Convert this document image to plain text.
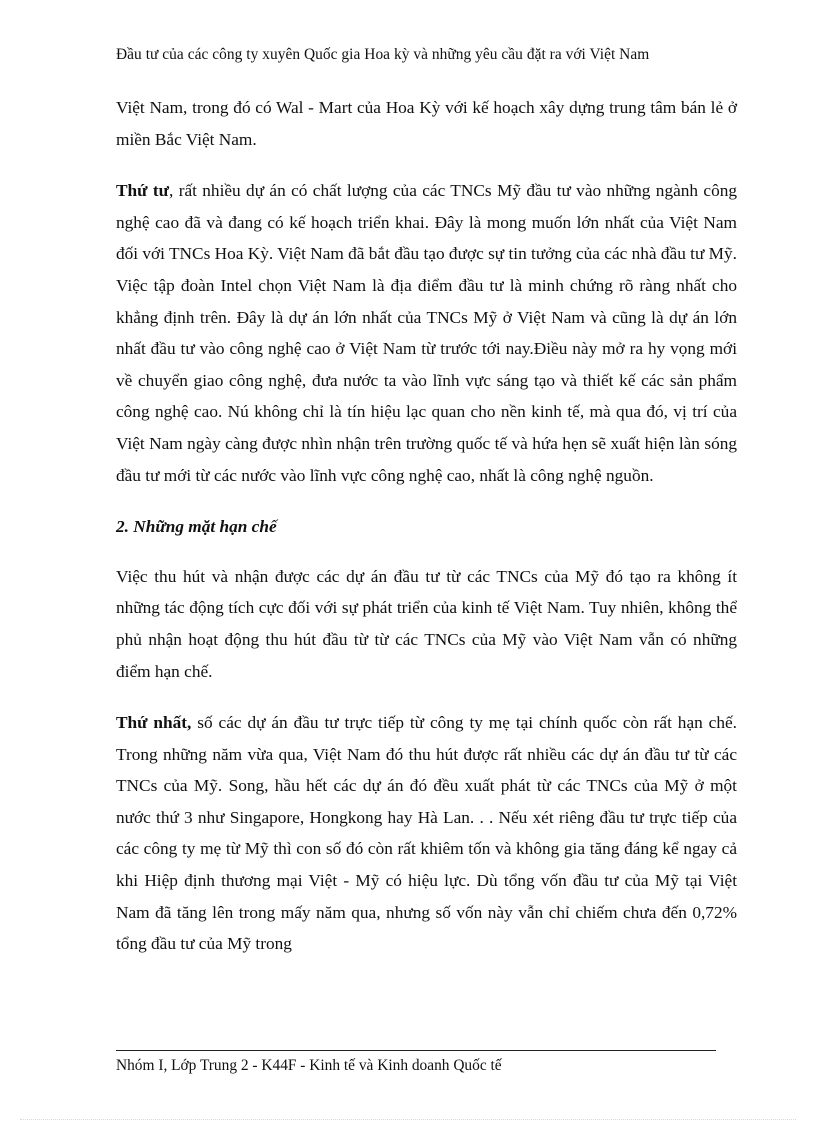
Đầu tư của các công ty xuyên Quốc gia Hoa kỳ và những yêu cầu đặt ra với Việt Nam

Việt Nam, trong đó có Wal - Mart của Hoa Kỳ với kế hoạch xây dựng trung tâm bán lẻ ở miền Bắc Việt Nam.

Thứ tư, rất nhiều dự án có chất lượng của các TNCs Mỹ đầu tư vào những ngành công nghệ cao đã và đang có kế hoạch triển khai. Đây là mong muốn lớn nhất của Việt Nam đối với TNCs Hoa Kỳ. Việt Nam đã bắt đầu tạo được sự tin tưởng của các nhà đầu tư Mỹ. Việc tập đoàn Intel chọn Việt Nam là địa điểm đầu tư là minh chứng rõ ràng nhất cho khẳng định trên. Đây là dự án lớn nhất của TNCs Mỹ ở Việt Nam và cũng là dự án lớn nhất đầu tư vào công nghệ cao ở Việt Nam từ trước tới nay.Điều này mở ra hy vọng mới về chuyển giao công nghệ, đưa nước ta vào lĩnh vực sáng tạo và thiết kế các sản phẩm công nghệ cao. Nú không chỉ là tín hiệu lạc quan cho nền kinh tế, mà qua đó, vị trí của Việt Nam ngày càng được nhìn nhận trên trường quốc tế và hứa hẹn sẽ xuất hiện làn sóng đầu tư mới từ các nước vào lĩnh vực công nghệ cao, nhất là công nghệ nguồn.

2. Những mặt hạn chế

Việc thu hút và nhận được các dự án đầu tư từ các TNCs của Mỹ đó tạo ra không ít những tác động tích cực đối với sự phát triển của kinh tế Việt Nam. Tuy nhiên, không thể phủ nhận hoạt động thu hút đầu từ từ các TNCs của Mỹ vào Việt Nam vẫn có những điểm hạn chế.

Thứ nhất, số các dự án đầu tư trực tiếp từ công ty mẹ tại chính quốc còn rất hạn chế. Trong những năm vừa qua, Việt Nam đó thu hút được rất nhiều các dự án đầu tư từ các TNCs của Mỹ. Song, hầu hết các dự án đó đều xuất phát từ các TNCs của Mỹ ở một nước thứ 3 như Singapore, Hongkong hay Hà Lan. . . Nếu xét riêng đầu tư trực tiếp của các công ty mẹ từ Mỹ thì con số đó còn rất khiêm tốn và không gia tăng đáng kể ngay cả khi Hiệp định thương mại Việt - Mỹ có hiệu lực. Dù tổng vốn đầu tư của Mỹ tại Việt Nam đã tăng lên trong mấy năm qua, nhưng số vốn này vẫn chỉ chiếm chưa đến 0,72% tổng đầu tư của Mỹ trong

Nhóm I, Lớp Trung 2 - K44F - Kinh tế và Kinh doanh Quốc tế
